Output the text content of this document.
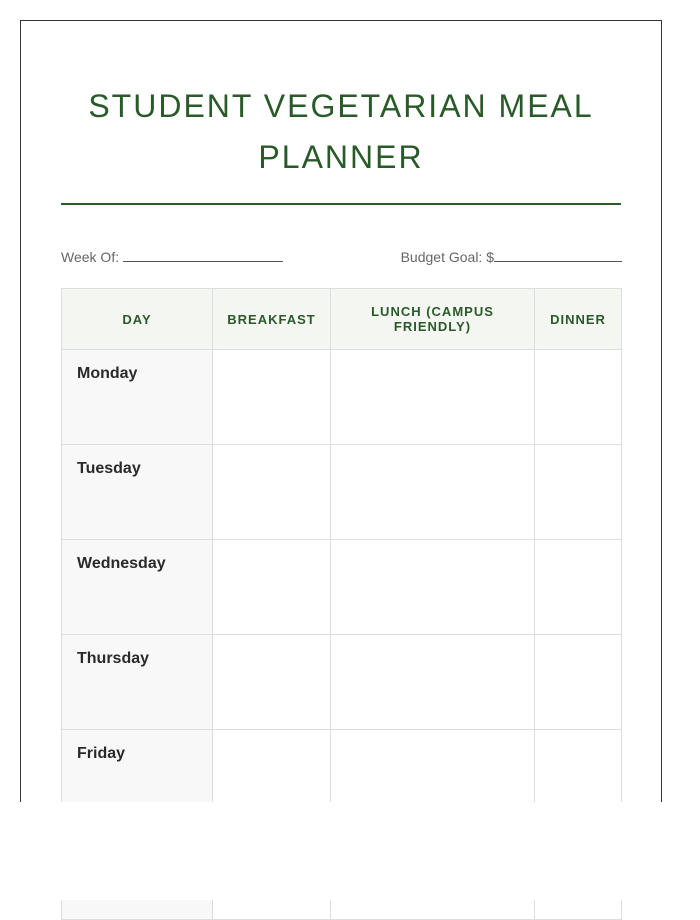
STUDENT VEGETARIAN MEAL PLANNER
Week Of:	Budget Goal: $
DAY	BREAKFAST	LUNCH (CAMPUS FRIENDLY)	DINNER
Monday			
Tuesday			
Wednesday			
Thursday			
Friday			
